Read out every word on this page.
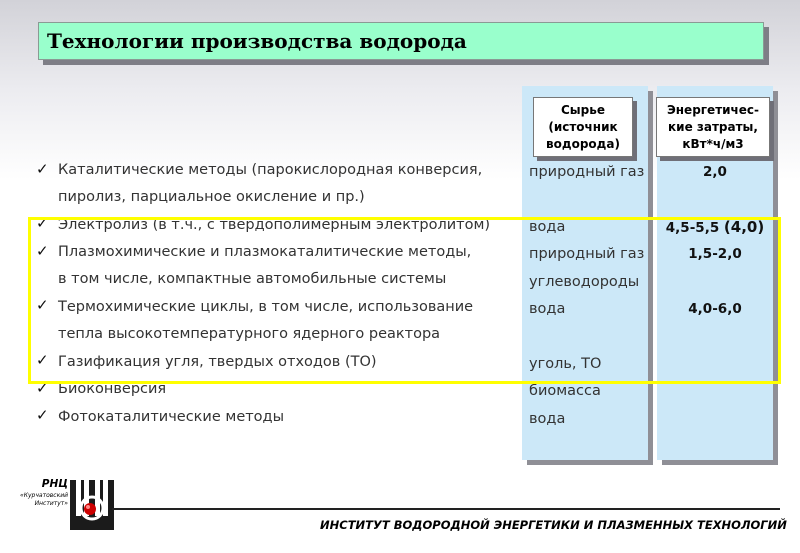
Технологии производства водорода
Сырье
(источник
водорода)
Энергетичес-
кие затраты,
кВт*ч/м3
✓ Каталитические методы (парокислородная конверсия,
пиролиз, парциальное окисление и пр.)
✓ Электролиз (в т.ч., с твердополимерным электролитом)
✓ Плазмохимические и плазмокаталитические методы,
в том числе, компактные автомобильные системы
✓ Термохимические циклы, в том числе, использование
тепла высокотемпературного ядерного реактора
✓ Газификация угля, твердых отходов (ТО)
✓ Биоконверсия
✓ Фотокаталитические методы
природный газ
вода
природный газ
углеводороды
вода
уголь, ТО
биомасса
вода
2,0
4,5-5,5 (4,0)
1,5-2,0
4,0-6,0
РНЦ
«Курчатовский
Институт»
ИНСТИТУТ ВОДОРОДНОЙ ЭНЕРГЕТИКИ И ПЛАЗМЕННЫХ ТЕХНОЛОГИЙ
